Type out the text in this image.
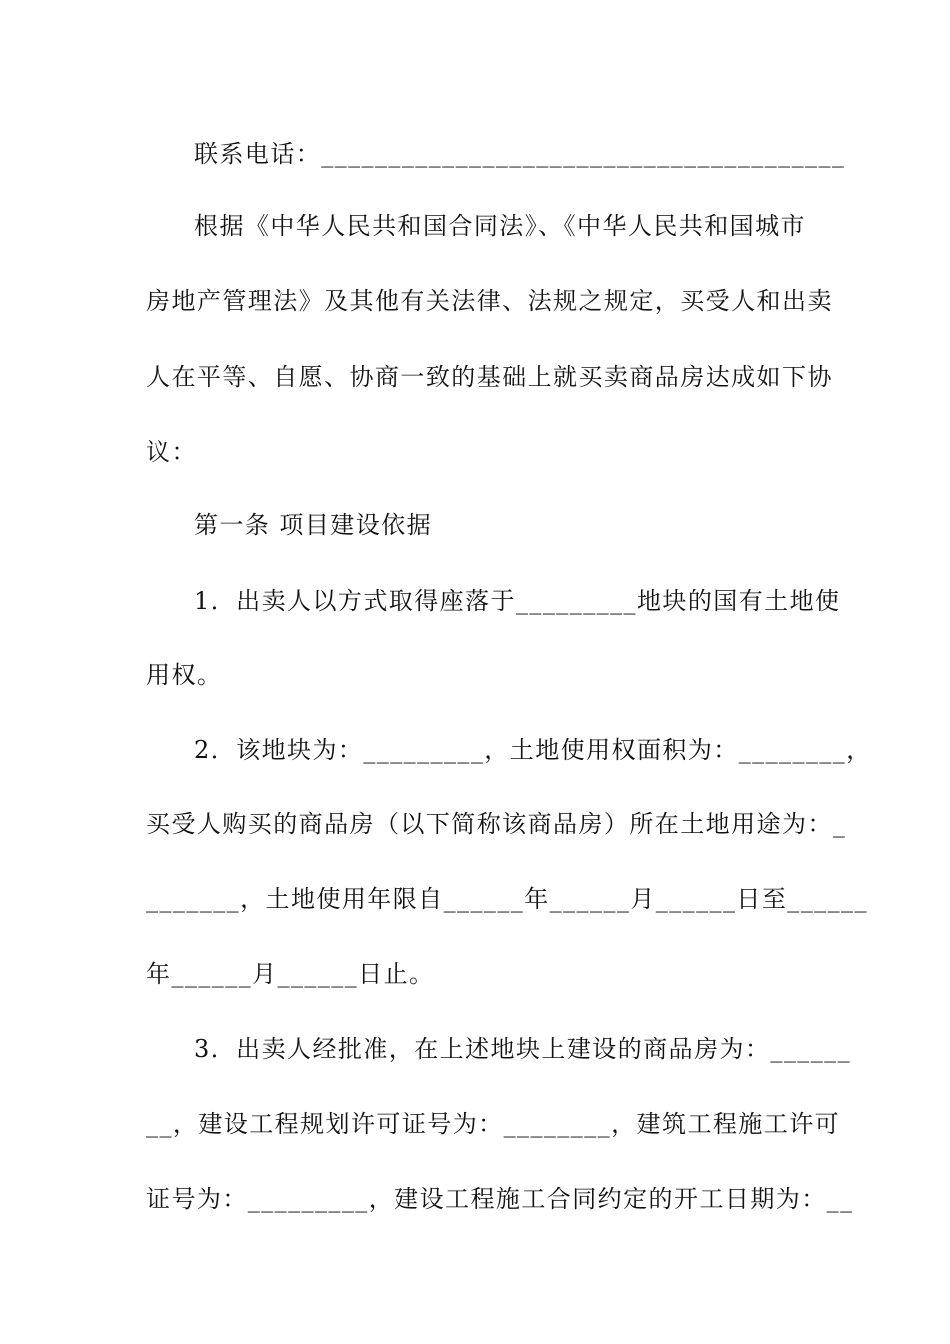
联系电话：_______________________________________
根据《中华人民共和国合同法》、《中华人民共和国城市
房地产管理法》及其他有关法律、法规之规定，买受人和出卖
人在平等、自愿、协商一致的基础上就买卖商品房达成如下协
议：
第一条 项目建设依据
1．出卖人以方式取得座落于_________地块的国有土地使
用权。
2．该地块为：_________，土地使用权面积为：________，
买受人购买的商品房（以下简称该商品房）所在土地用途为：_
_______，土地使用年限自______年______月______日至______
年______月______日止。
3．出卖人经批准，在上述地块上建设的商品房为：______
__，建设工程规划许可证号为：________，建筑工程施工许可
证号为：_________，建设工程施工合同约定的开工日期为：__
